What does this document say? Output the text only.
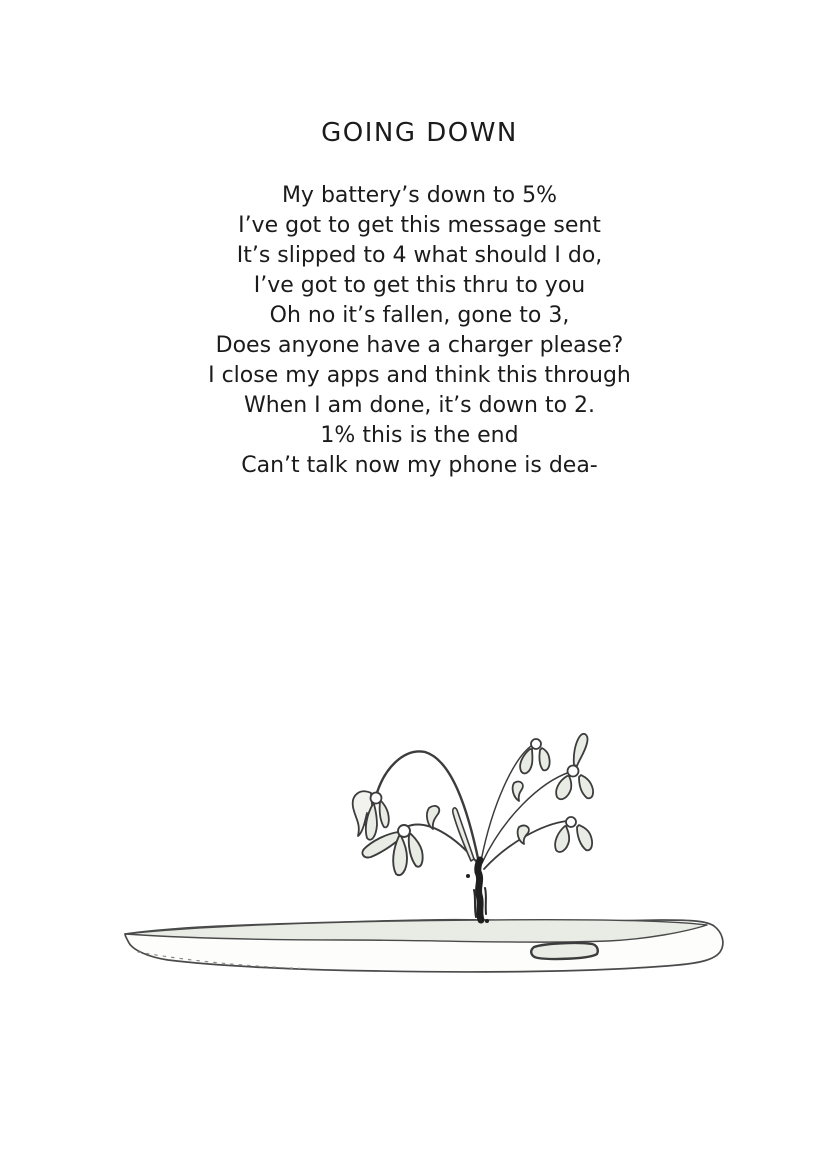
GOING DOWN
My battery’s down to 5%
I’ve got to get this message sent
It’s slipped to 4 what should I do,
I’ve got to get this thru to you
Oh no it’s fallen, gone to 3,
Does anyone have a charger please?
I close my apps and think this through
When I am done, it’s down to 2.
1% this is the end
Can’t talk now my phone is dea-
